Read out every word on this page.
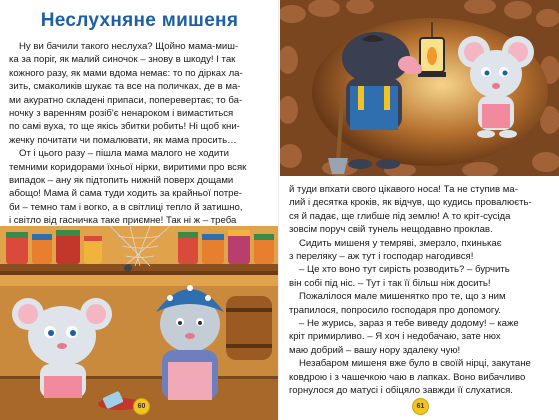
Неслухняне мишеня

Ну ви бачили такого неслуха? Щойно мама-миш-

ка за поріг, як малий синочок – знову в шкоду! І так

кожного разу, як мами вдома немає: то по дірках ла-

зить, смаколиків шукає та все на поличках, де в ма-

ми акуратно складені припаси, поперевертає; то ба-

ночку з варенням розіб'є ненароком і вимаститься

по самі вуха, то ще якісь збитки робить! Ні щоб кни-

жечку почитати чи помалювати, як мама просить…

От і цього разу – пішла мама малого не ходити

темними коридорами їхньої нірки, виритими про всяк

випадок – ану як підтопить нижній поверх дощами

абощо! Мама й сама туди ходить за крайньої потре-

би – темно там і вогко, а в світлиці тепло й затишно,

і світло від гасничка таке приємне! Так ні ж – треба

60

й туди впхати свого цікавого носа! Та не ступив ма-

лий і десятка кроків, як відчув, що кудись провалюєть-

ся й падає, ще глибше під землю! А то кріт-сусіда

зовсім поруч свій тунель нещодавно проклав.

Сидить мишеня у темряві, змерзло, пхинькає

з переляку – аж тут і господар нагодився!

– Це хто воно тут сирість розводить? – бурчить

він собі під ніс. – Тут і так її більш ніж досить!

Пожалілося мале мишенятко про те, що з ним

трапилося, попросило господаря про допомогу.

– Не журись, зараз я тебе виведу додому! – каже

кріт примирливо. – Я хоч і недобачаю, зате нюх

маю добрий – вашу нору здалеку чую!

Незабаром мишеня вже було в своїй нірці, закутане

ковдрою і з чашечкою чаю в лапках. Воно вибачливо

горнулося до матусі і обіцяло завжди її слухатися.

61
